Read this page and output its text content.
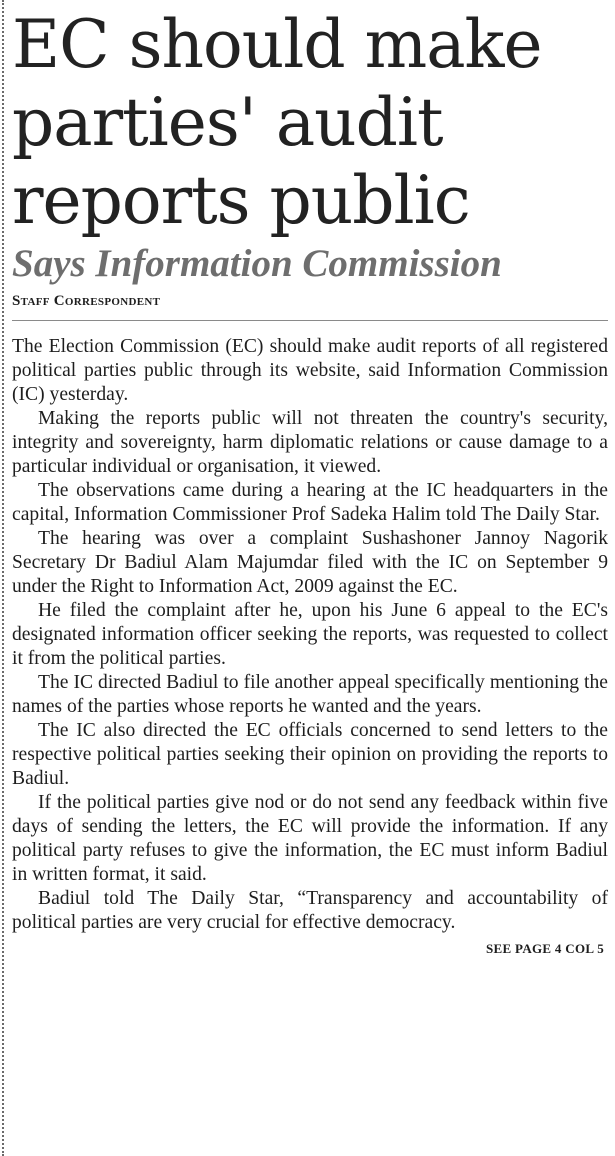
EC should make
parties' audit
reports public
Says Information Commission
Staff Correspondent

The Election Commission (EC) should make audit reports of all registered political parties public through its website, said Information Commission (IC) yesterday.

Making the reports public will not threaten the country's security, integrity and sovereignty, harm diplomatic relations or cause damage to a particular individual or organisation, it viewed.

The observations came during a hearing at the IC headquarters in the capital, Information Commissioner Prof Sadeka Halim told The Daily Star.

The hearing was over a complaint Sushashoner Jannoy Nagorik Secretary Dr Badiul Alam Majumdar filed with the IC on September 9 under the Right to Information Act, 2009 against the EC.

He filed the complaint after he, upon his June 6 appeal to the EC's designated information officer seeking the reports, was requested to collect it from the political parties.

The IC directed Badiul to file another appeal specifically mentioning the names of the parties whose reports he wanted and the years.

The IC also directed the EC officials concerned to send letters to the respective political parties seeking their opinion on providing the reports to Badiul.

If the political parties give nod or do not send any feedback within five days of sending the letters, the EC will provide the information. If any political party refuses to give the information, the EC must inform Badiul in written format, it said.

Badiul told The Daily Star, “Transparency and accountability of political parties are very crucial for effective democracy.

SEE PAGE 4 COL 5
